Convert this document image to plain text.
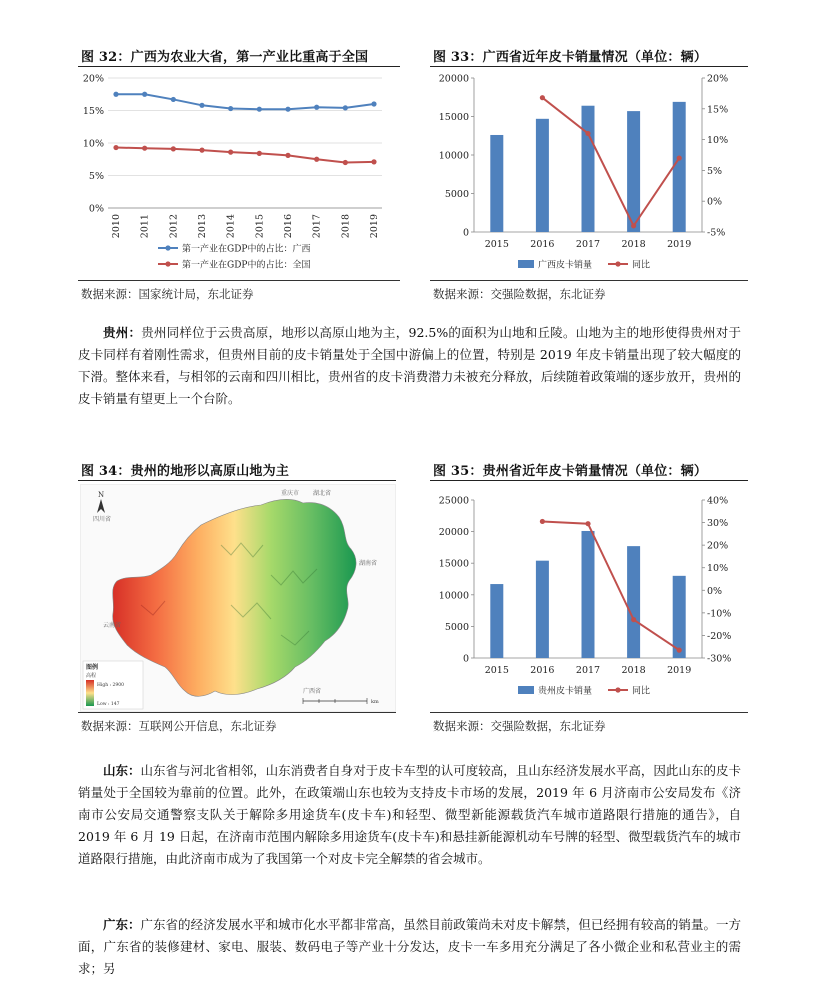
图 32：广西为农业大省，第一产业比重高于全国
0%
5%
10%
15%
20%
2010 2011 2012 2013 2014 2015 2016 2017 2018 2019
第一产业在GDP中的占比：广西
第一产业在GDP中的占比：全国
数据来源：国家统计局，东北证券
图 33：广西省近年皮卡销量情况（单位：辆）
0
5000
10000
15000
20000
-5%
0%
5%
10%
15%
20%
2015 2016 2017 2018 2019
广西皮卡销量	同比
数据来源：交强险数据，东北证券
贵州：贵州同样位于云贵高原，地形以高原山地为主，92.5%的面积为山地和丘陵。山地为主的地形使得贵州对于皮卡同样有着刚性需求，但贵州目前的皮卡销量处于全国中游偏上的位置，特别是 2019 年皮卡销量出现了较大幅度的下滑。整体来看，与相邻的云南和四川相比，贵州省的皮卡消费潜力未被充分释放，后续随着政策端的逐步放开，贵州的皮卡销量有望更上一个台阶。
图 34：贵州的地形以高原山地为主
N
四川省
重庆市 湖北省
湖南省
云南省
广西省
图例
高程
High : 2900
Low : 147	km
数据来源：互联网公开信息，东北证券
图 35：贵州省近年皮卡销量情况（单位：辆）
0
5000
10000
15000
20000
25000
-30%
-20%
-10%
0%
10%
20%
30%
40%
2015 2016 2017 2018 2019
贵州皮卡销量	同比
数据来源：交强险数据，东北证券
山东：山东省与河北省相邻，山东消费者自身对于皮卡车型的认可度较高，且山东经济发展水平高，因此山东的皮卡销量处于全国较为靠前的位置。此外，在政策端山东也较为支持皮卡市场的发展，2019 年 6 月济南市公安局发布《济南市公安局交通警察支队关于解除多用途货车(皮卡车)和轻型、微型新能源载货汽车城市道路限行措施的通告》，自 2019 年 6 月 19 日起，在济南市范围内解除多用途货车(皮卡车)和悬挂新能源机动车号牌的轻型、微型载货汽车的城市道路限行措施，由此济南市成为了我国第一个对皮卡完全解禁的省会城市。
广东：广东省的经济发展水平和城市化水平都非常高，虽然目前政策尚未对皮卡解禁，但已经拥有较高的销量。一方面，广东省的装修建材、家电、服装、数码电子等产业十分发达，皮卡一车多用充分满足了各小微企业和私营业主的需求；另
